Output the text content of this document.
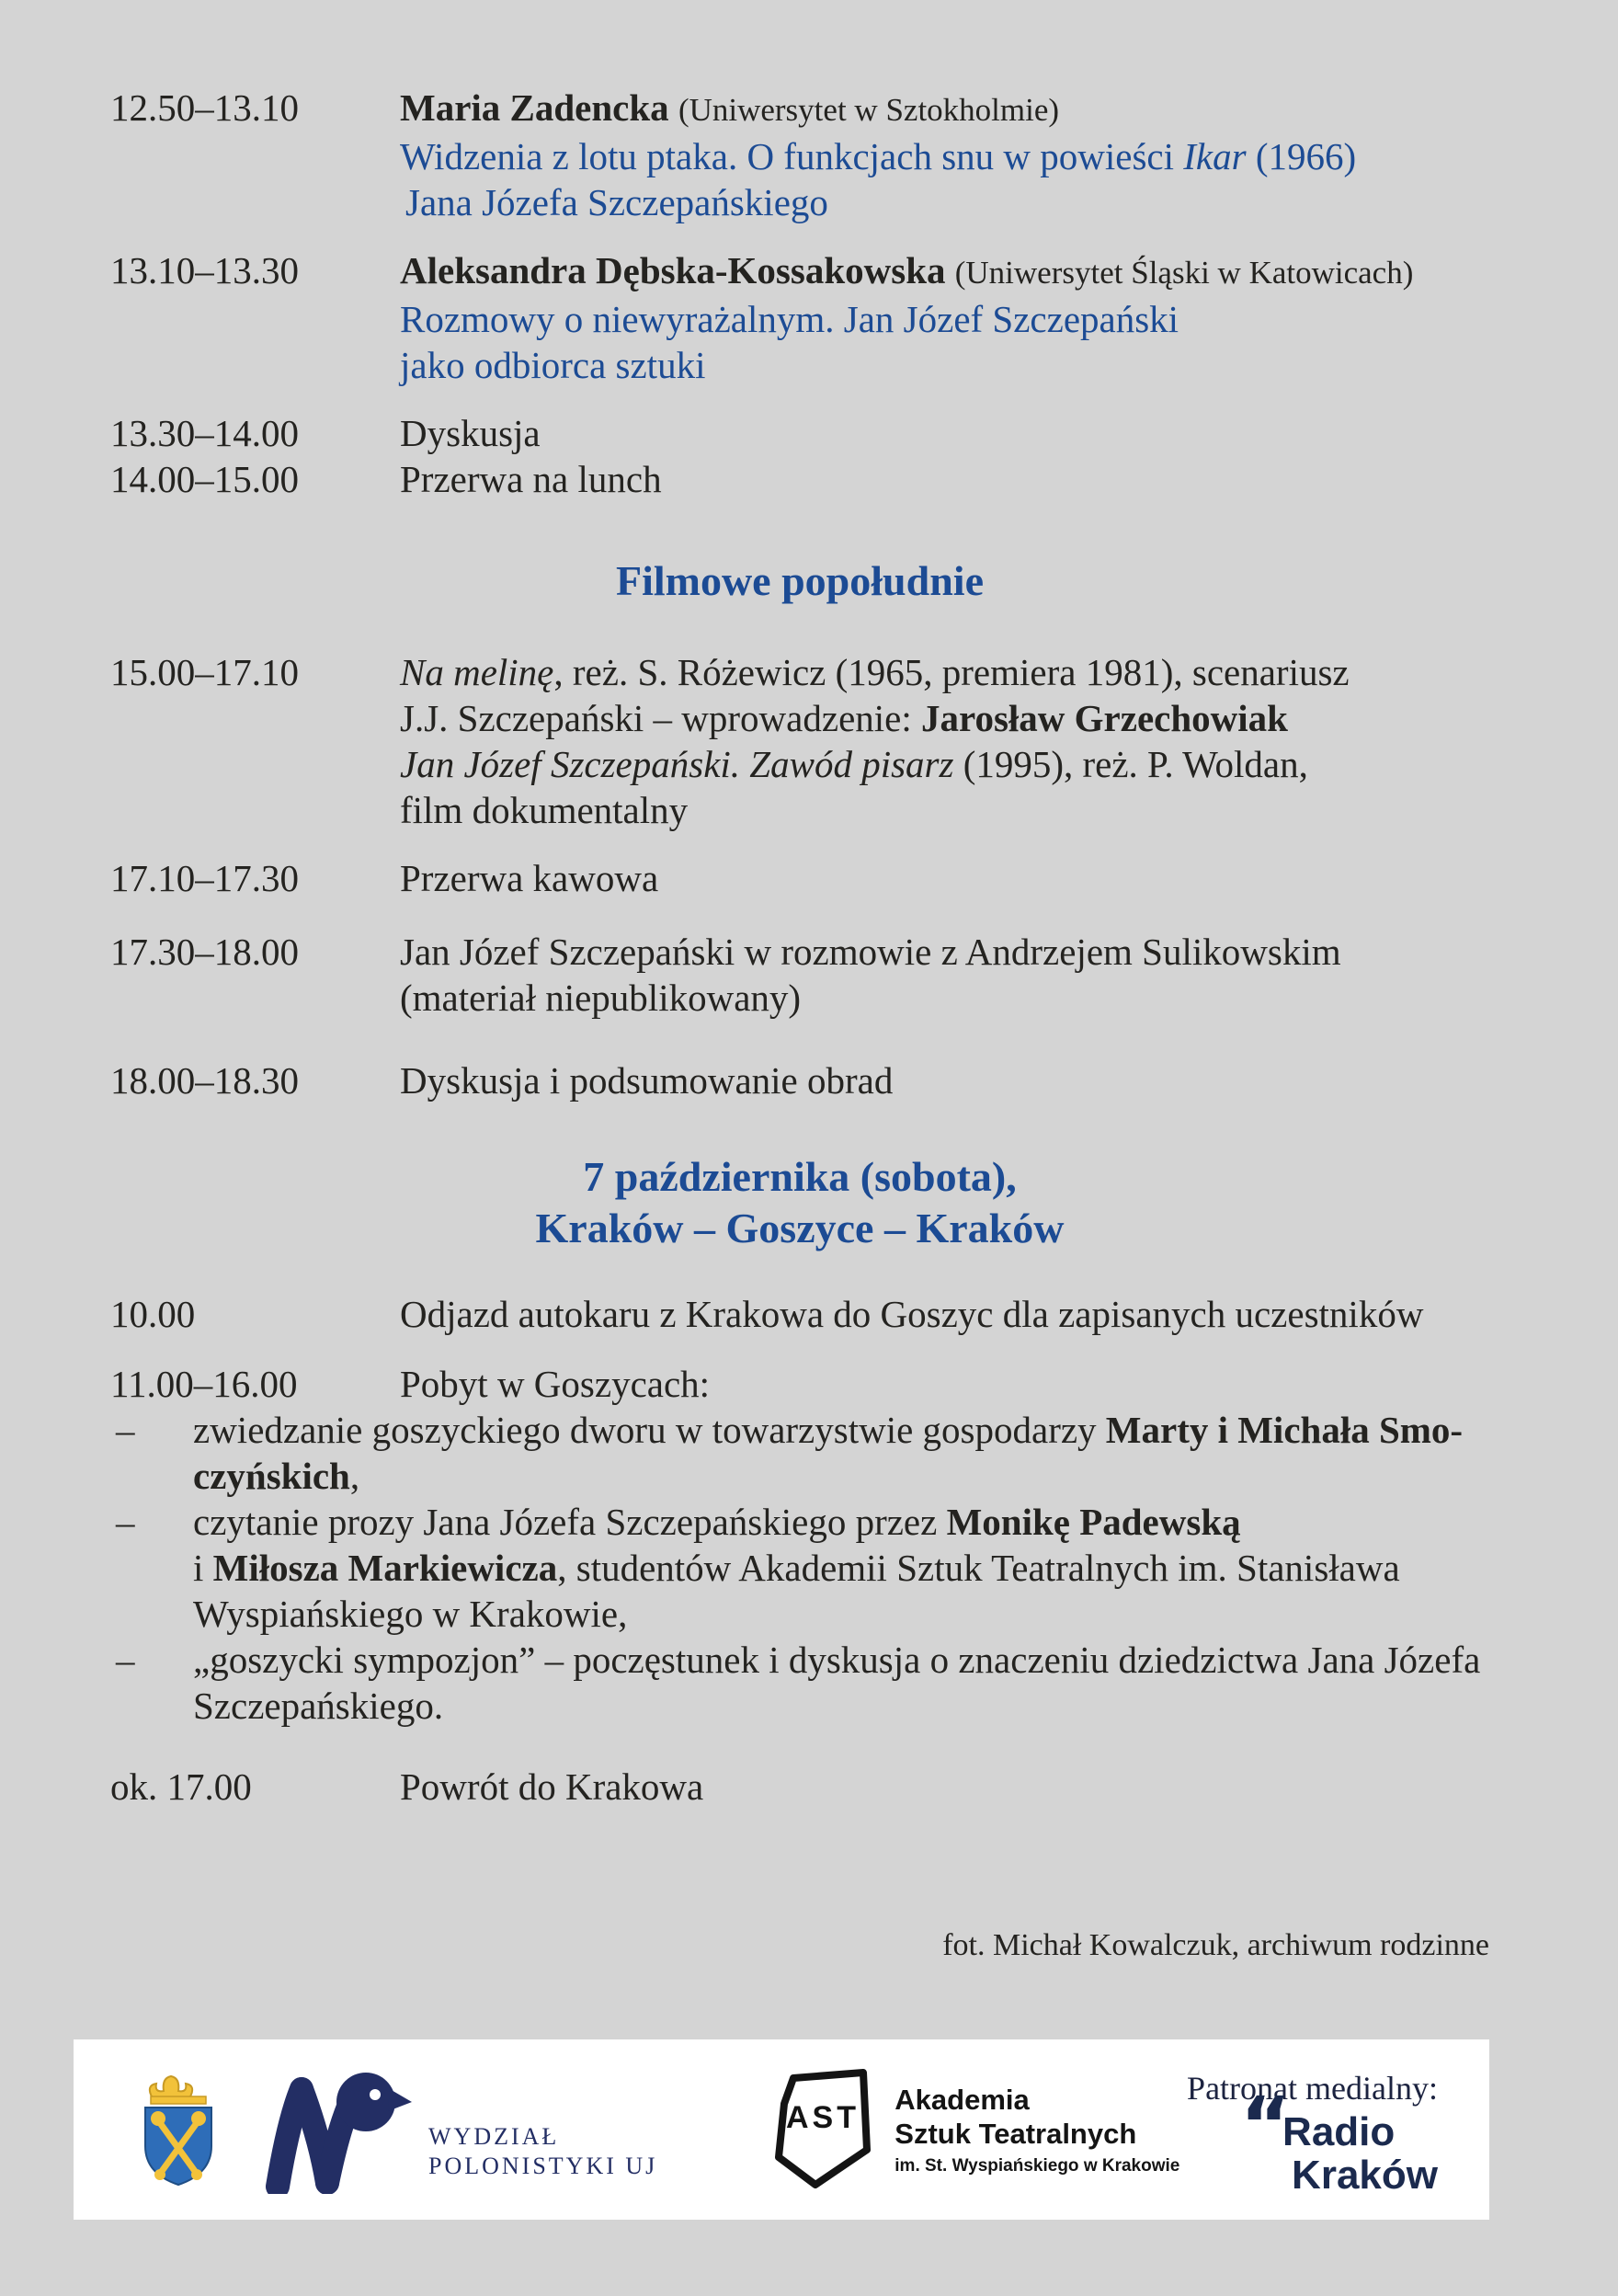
12.50–13.10	Maria Zadencka (Uniwersytet w Sztokholmie)
Widzenia z lotu ptaka. O funkcjach snu w powieści Ikar (1966)
Jana Józefa Szczepańskiego
13.10–13.30	Aleksandra Dębska-Kossakowska (Uniwersytet Śląski w Katowicach)
Rozmowy o niewyrażalnym. Jan Józef Szczepański
jako odbiorca sztuki
13.30–14.00	Dyskusja
14.00–15.00	Przerwa na lunch
Filmowe popołudnie
15.00–17.10	Na melinę, reż. S. Różewicz (1965, premiera 1981), scenariusz
J.J. Szczepański – wprowadzenie: Jarosław Grzechowiak
Jan Józef Szczepański. Zawód pisarz (1995), reż. P. Woldan,
film dokumentalny
17.10–17.30	Przerwa kawowa
17.30–18.00	Jan Józef Szczepański w rozmowie z Andrzejem Sulikowskim
(materiał niepublikowany)
18.00–18.30	Dyskusja i podsumowanie obrad
7 października (sobota),
Kraków – Goszyce – Kraków
10.00	Odjazd autokaru z Krakowa do Goszyc dla zapisanych uczestników
11.00–16.00	Pobyt w Goszycach:
– zwiedzanie goszyckiego dworu w towarzystwie gospodarzy Marty i Michała Smo-
czyńskich,
– czytanie prozy Jana Józefa Szczepańskiego przez Monikę Padewską
i Miłosza Markiewicza, studentów Akademii Sztuk Teatralnych im. Stanisława
Wyspiańskiego w Krakowie,
– „goszycki sympozjon” – poczęstunek i dyskusja o znaczeniu dziedzictwa Jana Józefa
Szczepańskiego.
ok. 17.00	Powrót do Krakowa
fot. Michał Kowalczuk, archiwum rodzinne
WYDZIAŁ
POLONISTYKI UJ
AST
Akademia
Sztuk Teatralnych
im. St. Wyspiańskiego w Krakowie
Patronat medialny:
“
Radio
Kraków
